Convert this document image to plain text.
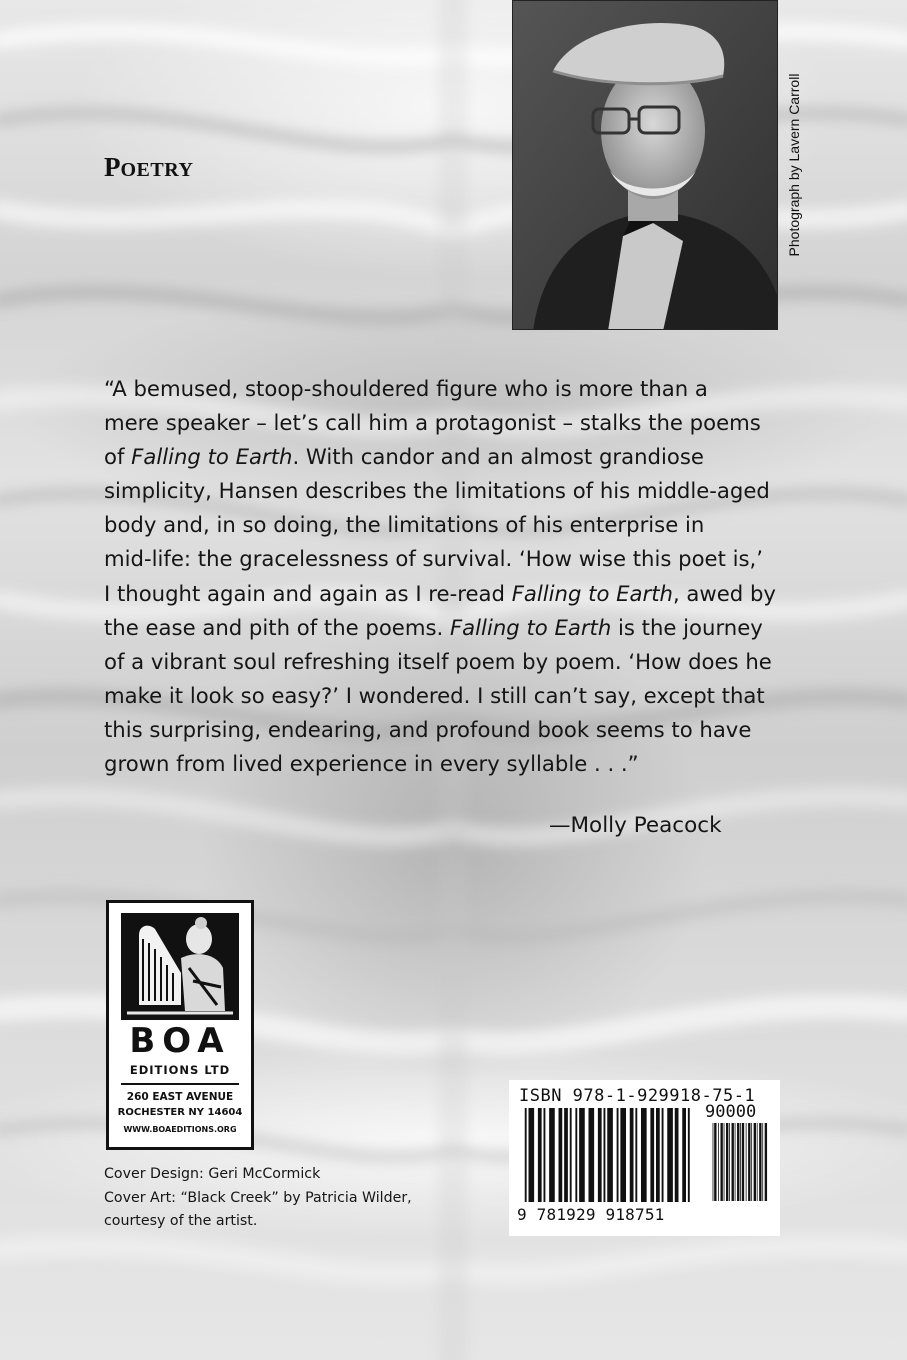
POETRY	Photograph by Lavern Carroll
“A bemused, stoop-shouldered figure who is more than a
mere speaker – let’s call him a protagonist – stalks the poems
of Falling to Earth. With candor and an almost grandiose
simplicity, Hansen describes the limitations of his middle-aged
body and, in so doing, the limitations of his enterprise in
mid-life: the gracelessness of survival. ‘How wise this poet is,’
I thought again and again as I re-read Falling to Earth, awed by
the ease and pith of the poems. Falling to Earth is the journey
of a vibrant soul refreshing itself poem by poem. ‘How does he
make it look so easy?’ I wondered. I still can’t say, except that
this surprising, endearing, and profound book seems to have
grown from lived experience in every syllable . . .”
—Molly Peacock
BOA
EDITIONS LTD
260 EAST AVENUE
ROCHESTER NY 14604
WWW.BOAEDITIONS.ORG
Cover Design: Geri McCormick
Cover Art: “Black Creek” by Patricia Wilder,
courtesy of the artist.
ISBN 978-1-929918-75-1
90000
9 781929 918751
